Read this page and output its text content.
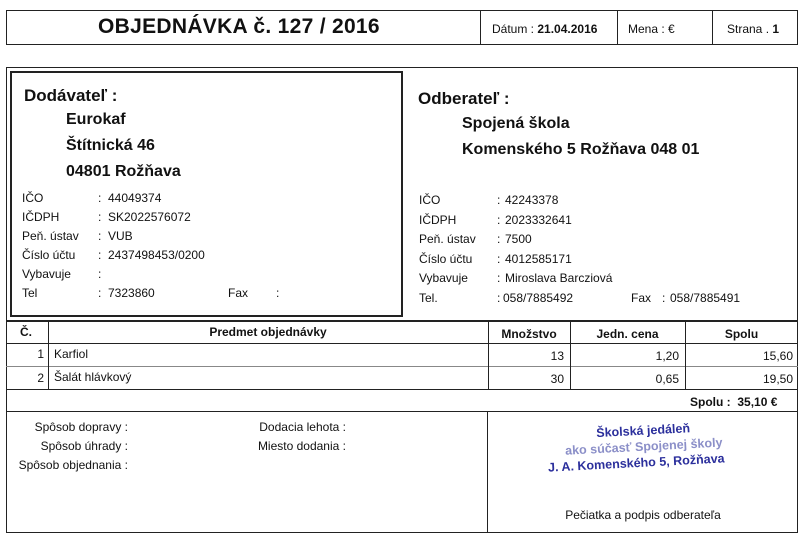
OBJEDNÁVKA č. 127 / 2016	Dátum : 21.04.2016	Mena : €	Strana . 1
Dodávateľ :
Eurokaf
Štítnická 46
04801 Rožňava
IČO	: 44049374
IČDPH	: SK2022576072
Peň. ústav : VUB
Číslo účtu : 2437498453/0200
Vybavuje :
Tel	: 7323860	Fax :
Odberateľ :
Spojená škola
Komenského 5 Rožňava 048 01
IČO	: 42243378
IČDPH	: 2023332641
Peň. ústav : 7500
Číslo účtu : 4012585171
Vybavuje : Miroslava Barcziová
Tel.	: 058/7885492	Fax : 058/7885491
Č.	Predmet objednávky	Množstvo	Jedn. cena	Spolu
1 Karfiol	13	1,20	15,60
2 Šalát hlávkový	30	0,65	19,50
Spolu : 35,10 €
Spôsob dopravy :
Spôsob úhrady :
Spôsob objednania :
Dodacia lehota :
Miesto dodania :
Školská jedáleň
ako súčasť Spojenej školy
J. A. Komenského 5, Rožňava
Pečiatka a podpis odberateľa
